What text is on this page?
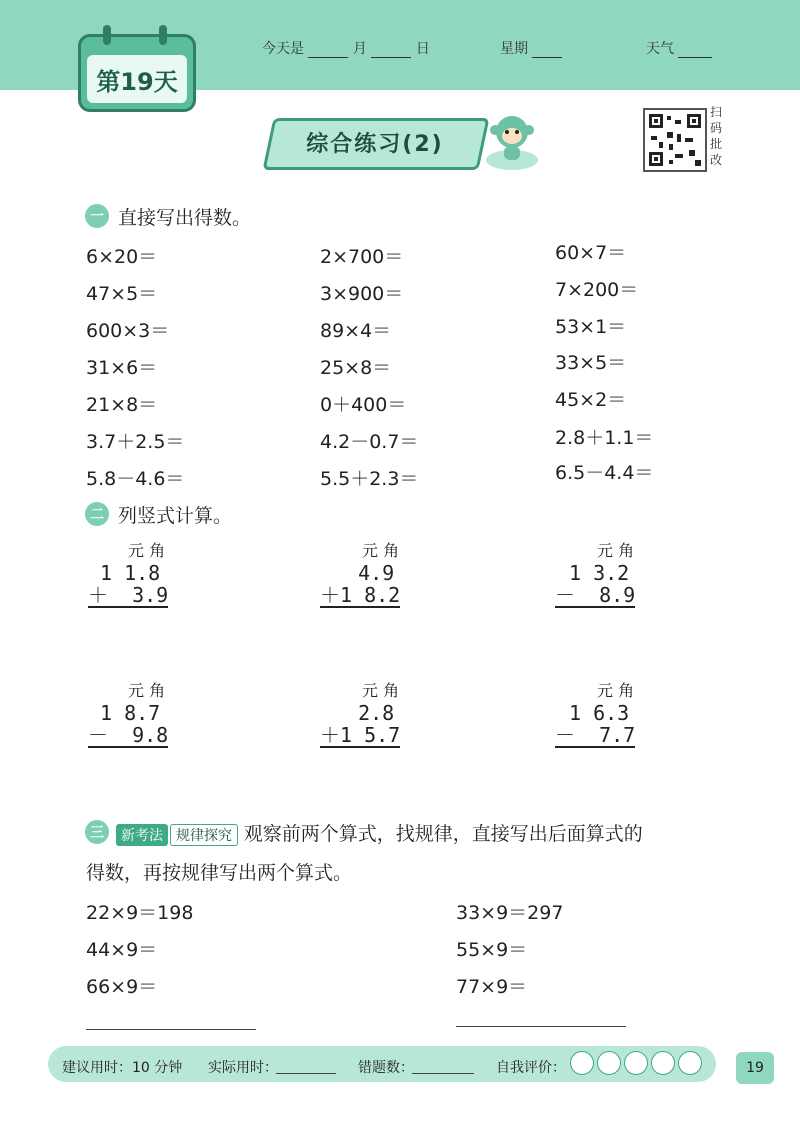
第19天
今天是	月	日	星期	天气
综合练习(2)
扫
码
批
改
一 直接写出得数。
6×20＝
47×5＝
600×3＝
31×6＝
21×8＝
3.7＋2.5＝
5.8－4.6＝
2×700＝
3×900＝
89×4＝
25×8＝
0＋400＝
4.2－0.7＝
5.5＋2.3＝
60×7＝
7×200＝
53×1＝
33×5＝
45×2＝
2.8＋1.1＝
6.5－4.4＝
二 列竖式计算。
元 角
1 1.8
＋  3.9
元 角
4.9
＋1 8.2
元 角
1 3.2
－  8.9
元 角
1 8.7
－  9.8
元 角
2.8
＋1 5.7
元 角
1 6.3
－  7.7
三	新考法 规律探究 观察前两个算式，找规律，直接写出后面算式的
得数，再按规律写出两个算式。
22×9＝198
44×9＝
66×9＝
33×9＝297
55×9＝
77×9＝
建议用时：10 分钟 实际用时：	错题数：	自我评价：	19
